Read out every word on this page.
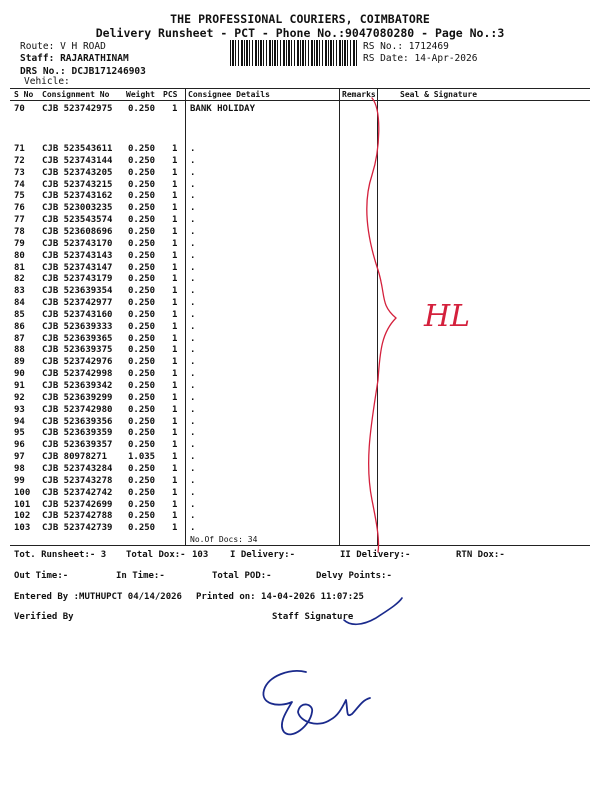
THE PROFESSIONAL COURIERS, COIMBATORE
Delivery Runsheet - PCT - Phone No.:9047080280 - Page No.:3
Route: V H ROAD
Staff: RAJARATHINAM
DRS No.: DCJB171246903
Vehicle:
RS No.: 1712469
RS Date: 14-Apr-2026
S No Consignment No Weight PCS Consignee Details	Remarks	Seal & Signature
70 CJB 523742975 0.250 1 BANK HOLIDAY
71 CJB 523543611 0.250 1 .
72 CJB 523743144 0.250 1 .
73 CJB 523743205 0.250 1 .
74 CJB 523743215 0.250 1 .
75 CJB 523743162 0.250 1 .
76 CJB 523003235 0.250 1 .
77 CJB 523543574 0.250 1 .
78 CJB 523608696 0.250 1 .
79 CJB 523743170 0.250 1 .
80 CJB 523743143 0.250 1 .
81 CJB 523743147 0.250 1 .
82 CJB 523743179 0.250 1 .
83 CJB 523639354 0.250 1 .
84 CJB 523742977 0.250 1 .
85 CJB 523743160 0.250 1 .
86 CJB 523639333 0.250 1 .
87 CJB 523639365 0.250 1 .
88 CJB 523639375 0.250 1 .
89 CJB 523742976 0.250 1 .
90 CJB 523742998 0.250 1 .
91 CJB 523639342 0.250 1 .
92 CJB 523639299 0.250 1 .
93 CJB 523742980 0.250 1 .
94 CJB 523639356 0.250 1 .
95 CJB 523639359 0.250 1 .
96 CJB 523639357 0.250 1 .
97 CJB 80978271 1.035 1 .
98 CJB 523743284 0.250 1 .
99 CJB 523743278 0.250 1 .
100 CJB 523742742 0.250 1 .
101 CJB 523742699 0.250 1 .
102 CJB 523742788 0.250 1 .
103 CJB 523742739 0.250 1 .
No.Of Docs: 34
Tot. Runsheet:- 3 Total Dox:- 103 I Delivery:-	II Delivery:-	RTN Dox:-
Out Time:-	In Time:-	Total POD:-	Delvy Points:-
Entered By :MUTHUPCT 04/14/2026 Printed on: 14-04-2026 11:07:25
Verified By	Staff Signature
HL
